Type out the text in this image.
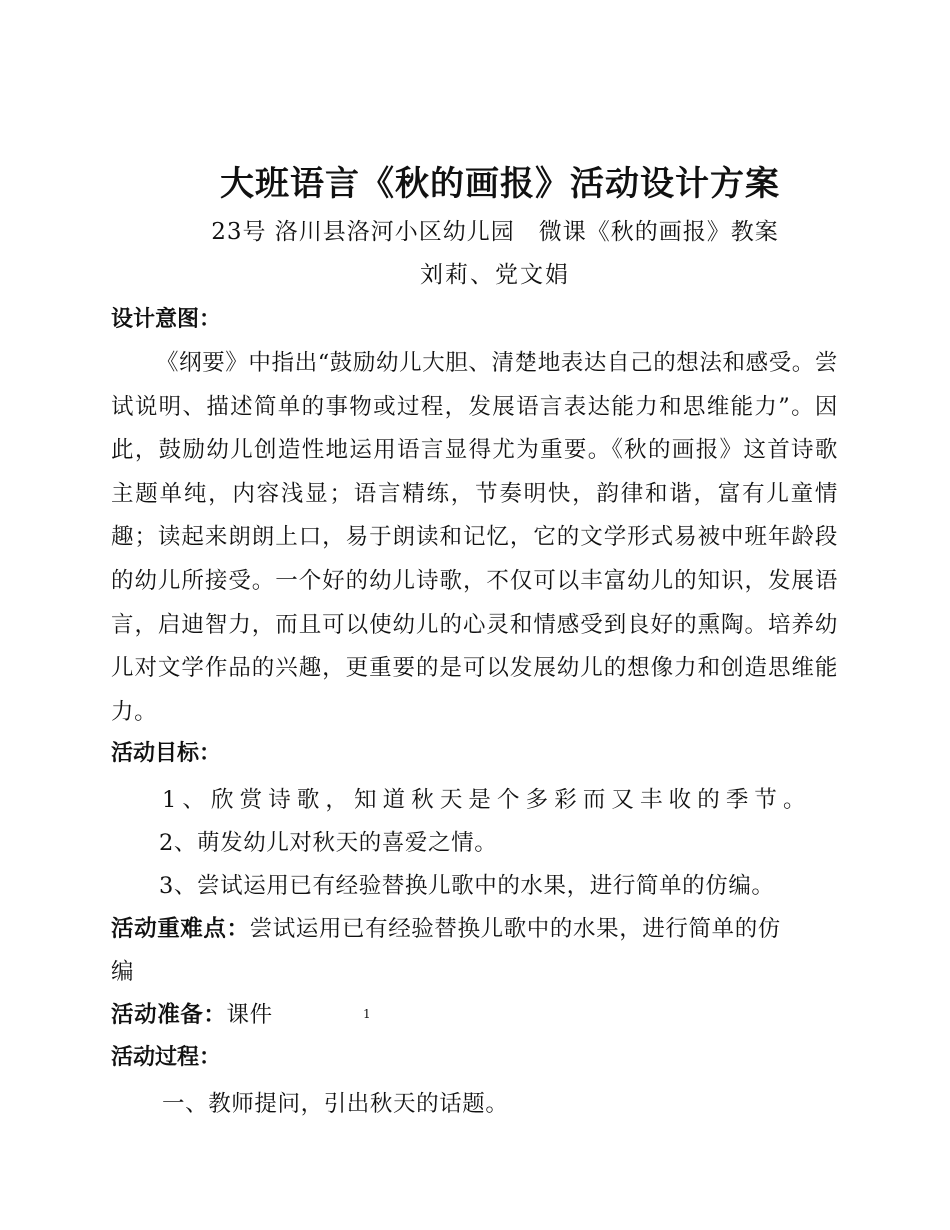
大班语言《秋的画报》活动设计方案
23号 洛川县洛河小区幼儿园　微课《秋的画报》教案
刘莉、党文娟
设计意图：
《纲要》中指出“鼓励幼儿大胆、清楚地表达自己的想法和感受。尝试说明、描述简单的事物或过程，发展语言表达能力和思维能力”。因此，鼓励幼儿创造性地运用语言显得尤为重要。《秋的画报》这首诗歌主题单纯，内容浅显；语言精练，节奏明快，韵律和谐，富有儿童情趣；读起来朗朗上口，易于朗读和记忆，它的文学形式易被中班年龄段的幼儿所接受。一个好的幼儿诗歌，不仅可以丰富幼儿的知识，发展语言，启迪智力，而且可以使幼儿的心灵和情感受到良好的熏陶。培养幼儿对文学作品的兴趣，更重要的是可以发展幼儿的想像力和创造思维能力。
活动目标：
1、欣赏诗歌，知道秋天是个多彩而又丰收的季节。
2、萌发幼儿对秋天的喜爱之情。
3、尝试运用已有经验替换儿歌中的水果，进行简单的仿编。
活动重难点：尝试运用已有经验替换儿歌中的水果，进行简单的仿
编
活动准备：课件	1
活动过程：
一、教师提问，引出秋天的话题。
